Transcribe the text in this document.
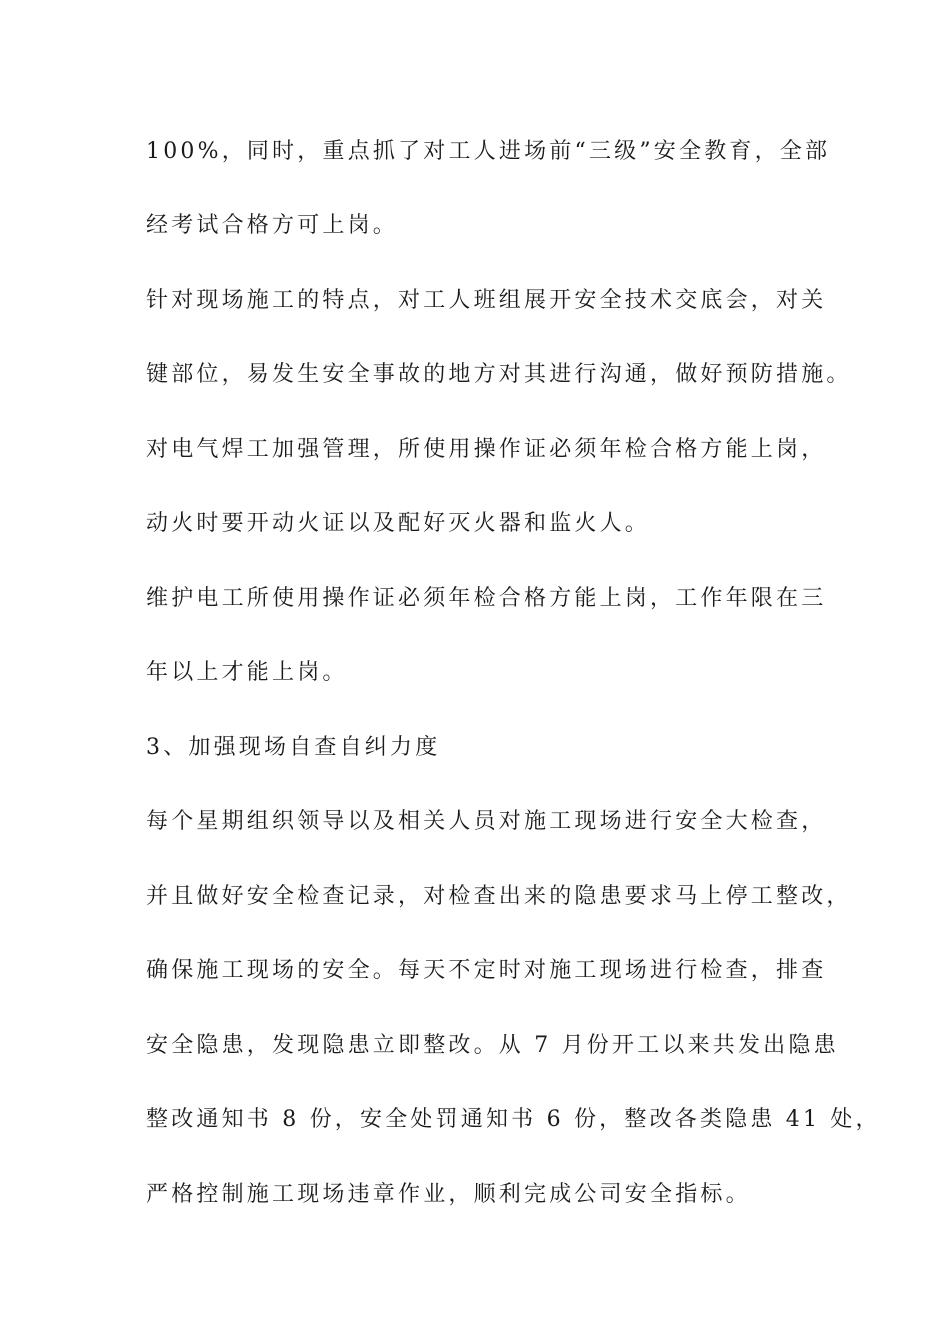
100%，同时，重点抓了对工人进场前“三级”安全教育，全部
经考试合格方可上岗。
针对现场施工的特点，对工人班组展开安全技术交底会，对关
键部位，易发生安全事故的地方对其进行沟通，做好预防措施。
对电气焊工加强管理，所使用操作证必须年检合格方能上岗，
动火时要开动火证以及配好灭火器和监火人。
维护电工所使用操作证必须年检合格方能上岗，工作年限在三
年以上才能上岗。
3、加强现场自查自纠力度
每个星期组织领导以及相关人员对施工现场进行安全大检查，
并且做好安全检查记录，对检查出来的隐患要求马上停工整改，
确保施工现场的安全。每天不定时对施工现场进行检查，排查
安全隐患，发现隐患立即整改。从 7 月份开工以来共发出隐患
整改通知书 8 份，安全处罚通知书 6 份，整改各类隐患 41 处，
严格控制施工现场违章作业，顺利完成公司安全指标。
